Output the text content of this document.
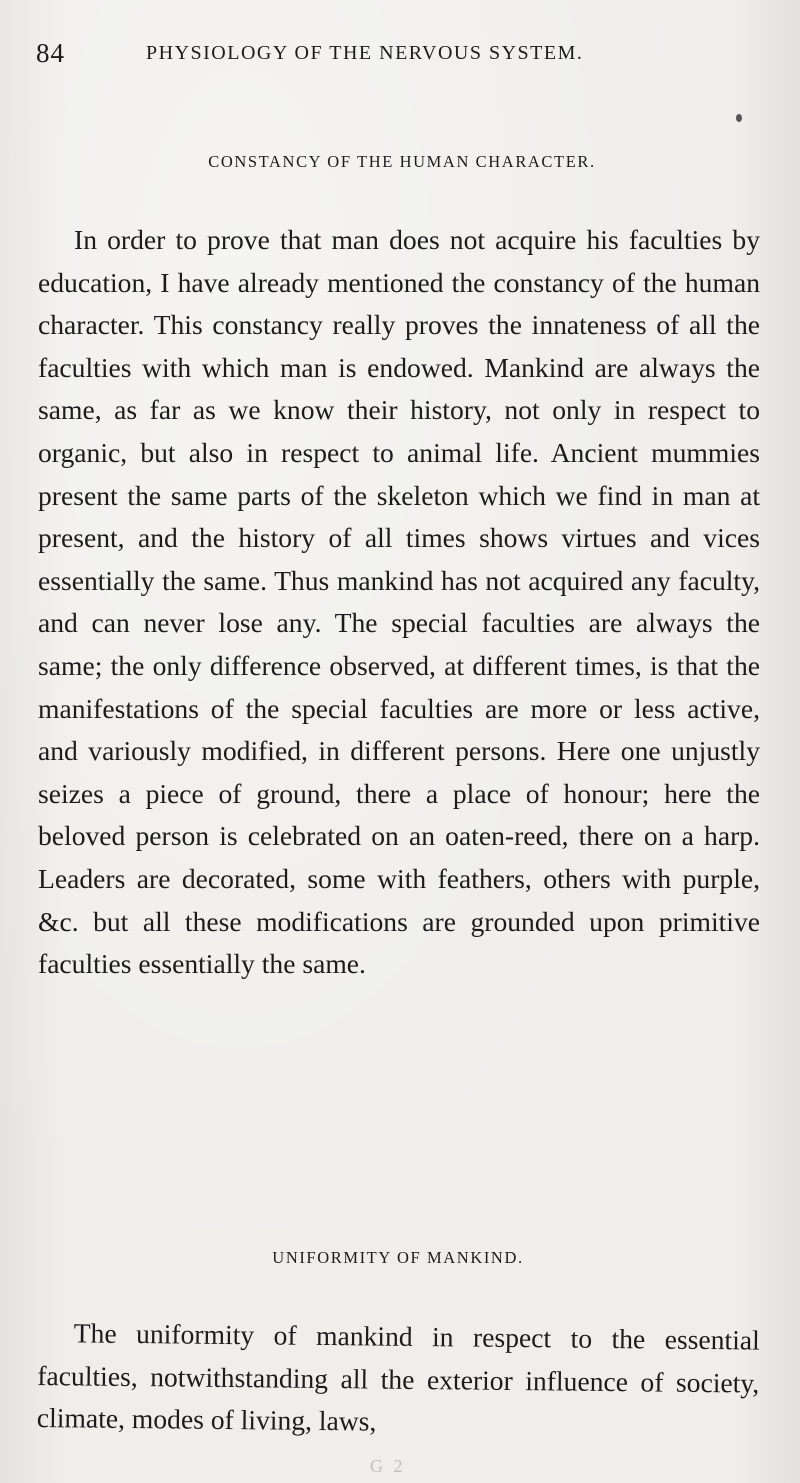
84	PHYSIOLOGY OF THE NERVOUS SYSTEM.
CONSTANCY OF THE HUMAN CHARACTER.

In order to prove that man does not acquire his faculties by education, I have already mentioned the constancy of the human character. This constancy really proves the innateness of all the faculties with which man is endowed. Mankind are always the same, as far as we know their history, not only in respect to organic, but also in respect to animal life. Ancient mummies present the same parts of the skeleton which we find in man at present, and the history of all times shows virtues and vices essentially the same. Thus mankind has not acquired any faculty, and can never lose any. The special faculties are always the same; the only difference observed, at different times, is that the manifestations of the special faculties are more or less active, and variously modified, in different persons. Here one unjustly seizes a piece of ground, there a place of honour; here the beloved person is celebrated on an oaten-reed, there on a harp. Leaders are decorated, some with feathers, others with purple, &c. but all these modifications are grounded upon primitive faculties essentially the same.

UNIFORMITY OF MANKIND.

The uniformity of mankind in respect to the essential faculties, notwithstanding all the exterior influence of society, climate, modes of living, laws,

G 2
